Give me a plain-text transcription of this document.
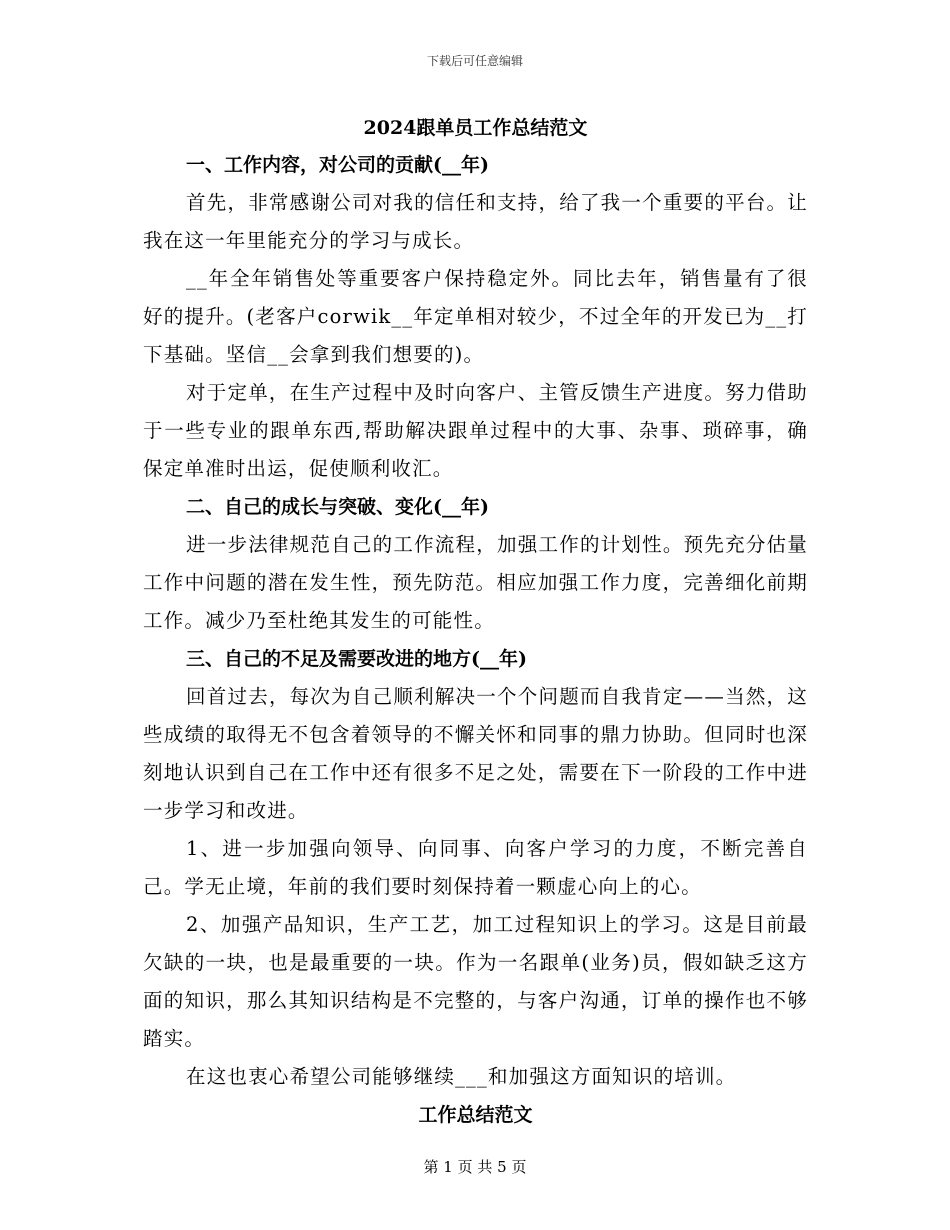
下载后可任意编辑
2024跟单员工作总结范文
一、工作内容，对公司的贡献(__年)

首先，非常感谢公司对我的信任和支持，给了我一个重要的平台。让我在这一年里能充分的学习与成长。

__年全年销售处等重要客户保持稳定外。同比去年，销售量有了很好的提升。(老客户corwik__年定单相对较少，不过全年的开发已为__打下基础。坚信__会拿到我们想要的)。

对于定单，在生产过程中及时向客户、主管反馈生产进度。努力借助于一些专业的跟单东西,帮助解决跟单过程中的大事、杂事、琐碎事，确保定单准时出运，促使顺利收汇。

二、自己的成长与突破、变化(__年)

进一步法律规范自己的工作流程，加强工作的计划性。预先充分估量工作中问题的潜在发生性，预先防范。相应加强工作力度，完善细化前期工作。减少乃至杜绝其发生的可能性。

三、自己的不足及需要改进的地方(__年)

回首过去，每次为自己顺利解决一个个问题而自我肯定——当然，这些成绩的取得无不包含着领导的不懈关怀和同事的鼎力协助。但同时也深刻地认识到自己在工作中还有很多不足之处，需要在下一阶段的工作中进一步学习和改进。

1、进一步加强向领导、向同事、向客户学习的力度，不断完善自己。学无止境，年前的我们要时刻保持着一颗虚心向上的心。

2、加强产品知识，生产工艺，加工过程知识上的学习。这是目前最欠缺的一块，也是最重要的一块。作为一名跟单(业务)员，假如缺乏这方面的知识，那么其知识结构是不完整的，与客户沟通，订单的操作也不够踏实。

在这也衷心希望公司能够继续___和加强这方面知识的培训。

工作总结范文
第 1 页 共 5 页
